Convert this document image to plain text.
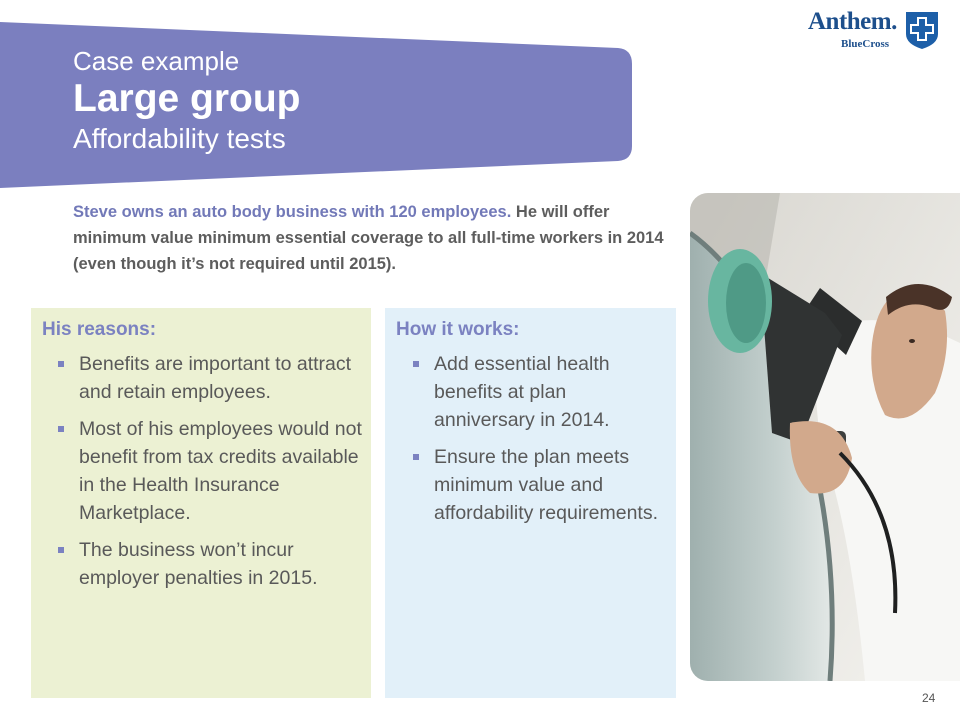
Case example
Large group
Affordability tests
Anthem.
BlueCross

Steve owns an auto body business with 120 employees. He will offer minimum value minimum essential coverage to all full-time workers in 2014 (even though it’s not required until 2015).

His reasons:
Benefits are important to attract and retain employees.
Most of his employees would not benefit from tax credits available in the Health Insurance Marketplace.
The business won’t incur employer penalties in 2015.
How it works:
Add essential health benefits at plan anniversary in 2014.
Ensure the plan meets minimum value and affordability requirements.
24
